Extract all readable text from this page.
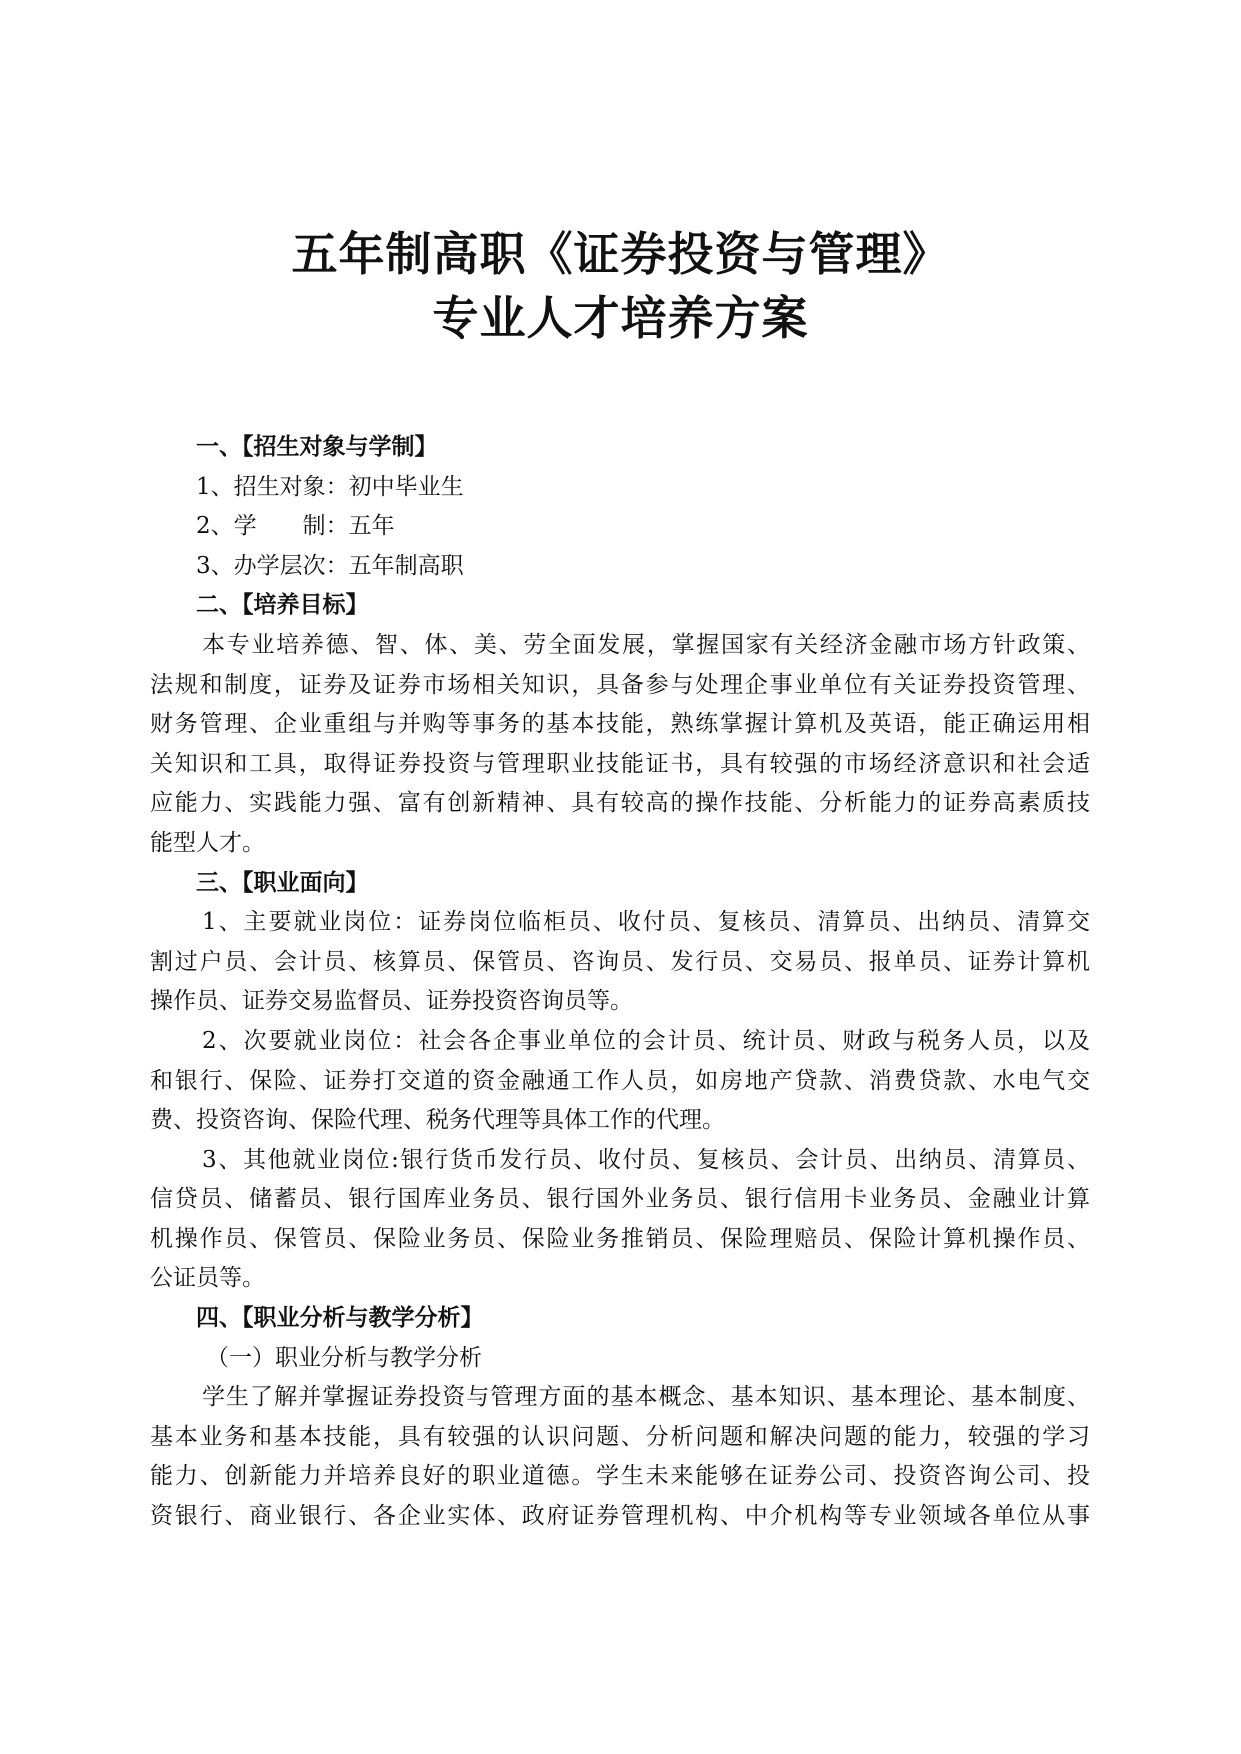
五年制高职《证券投资与管理》
专业人才培养方案
一、【招生对象与学制】
1、招生对象：初中毕业生
2、学　　制：五年
3、办学层次：五年制高职
二、【培养目标】
本专业培养德、智、体、美、劳全面发展，掌握国家有关经济金融市场方针政策、
法规和制度，证券及证券市场相关知识，具备参与处理企事业单位有关证券投资管理、
财务管理、企业重组与并购等事务的基本技能，熟练掌握计算机及英语，能正确运用相
关知识和工具，取得证券投资与管理职业技能证书，具有较强的市场经济意识和社会适
应能力、实践能力强、富有创新精神、具有较高的操作技能、分析能力的证券高素质技
能型人才。
三、【职业面向】
1、主要就业岗位：证券岗位临柜员、收付员、复核员、清算员、出纳员、清算交
割过户员、会计员、核算员、保管员、咨询员、发行员、交易员、报单员、证券计算机
操作员、证券交易监督员、证券投资咨询员等。
2、次要就业岗位：社会各企事业单位的会计员、统计员、财政与税务人员，以及
和银行、保险、证券打交道的资金融通工作人员，如房地产贷款、消费贷款、水电气交
费、投资咨询、保险代理、税务代理等具体工作的代理。
3、其他就业岗位:银行货币发行员、收付员、复核员、会计员、出纳员、清算员、
信贷员、储蓄员、银行国库业务员、银行国外业务员、银行信用卡业务员、金融业计算
机操作员、保管员、保险业务员、保险业务推销员、保险理赔员、保险计算机操作员、
公证员等。
四、【职业分析与教学分析】
（一）职业分析与教学分析
学生了解并掌握证券投资与管理方面的基本概念、基本知识、基本理论、基本制度、
基本业务和基本技能，具有较强的认识问题、分析问题和解决问题的能力，较强的学习
能力、创新能力并培养良好的职业道德。学生未来能够在证券公司、投资咨询公司、投
资银行、商业银行、各企业实体、政府证券管理机构、中介机构等专业领域各单位从事
